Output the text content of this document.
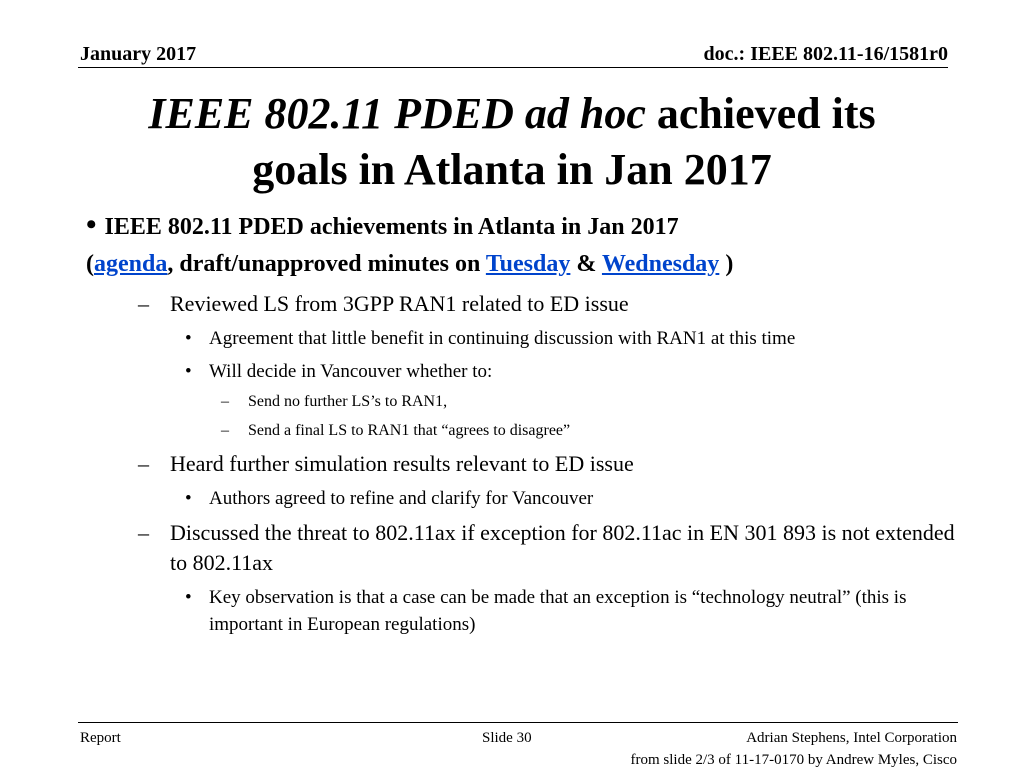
January 2017	doc.: IEEE 802.11-16/1581r0
IEEE 802.11 PDED ad hoc achieved its
goals in Atlanta in Jan 2017
• IEEE 802.11 PDED achievements in Atlanta in Jan 2017
(agenda, draft/unapproved minutes on Tuesday & Wednesday )
– Reviewed LS from 3GPP RAN1 related to ED issue
• Agreement that little benefit in continuing discussion with RAN1 at this time
• Will decide in Vancouver whether to:
– Send no further LS’s to RAN1,
– Send a final LS to RAN1 that “agrees to disagree”
– Heard further simulation results relevant to ED issue
• Authors agreed to refine and clarify for Vancouver
– Discussed the threat to 802.11ax if exception for 802.11ac in EN 301 893 is not extended to 802.11ax
• Key observation is that a case can be made that an exception is “technology neutral” (this is important in European regulations)
Report	Slide 30	Adrian Stephens, Intel Corporation
from slide 2/3 of 11-17-0170 by Andrew Myles, Cisco
